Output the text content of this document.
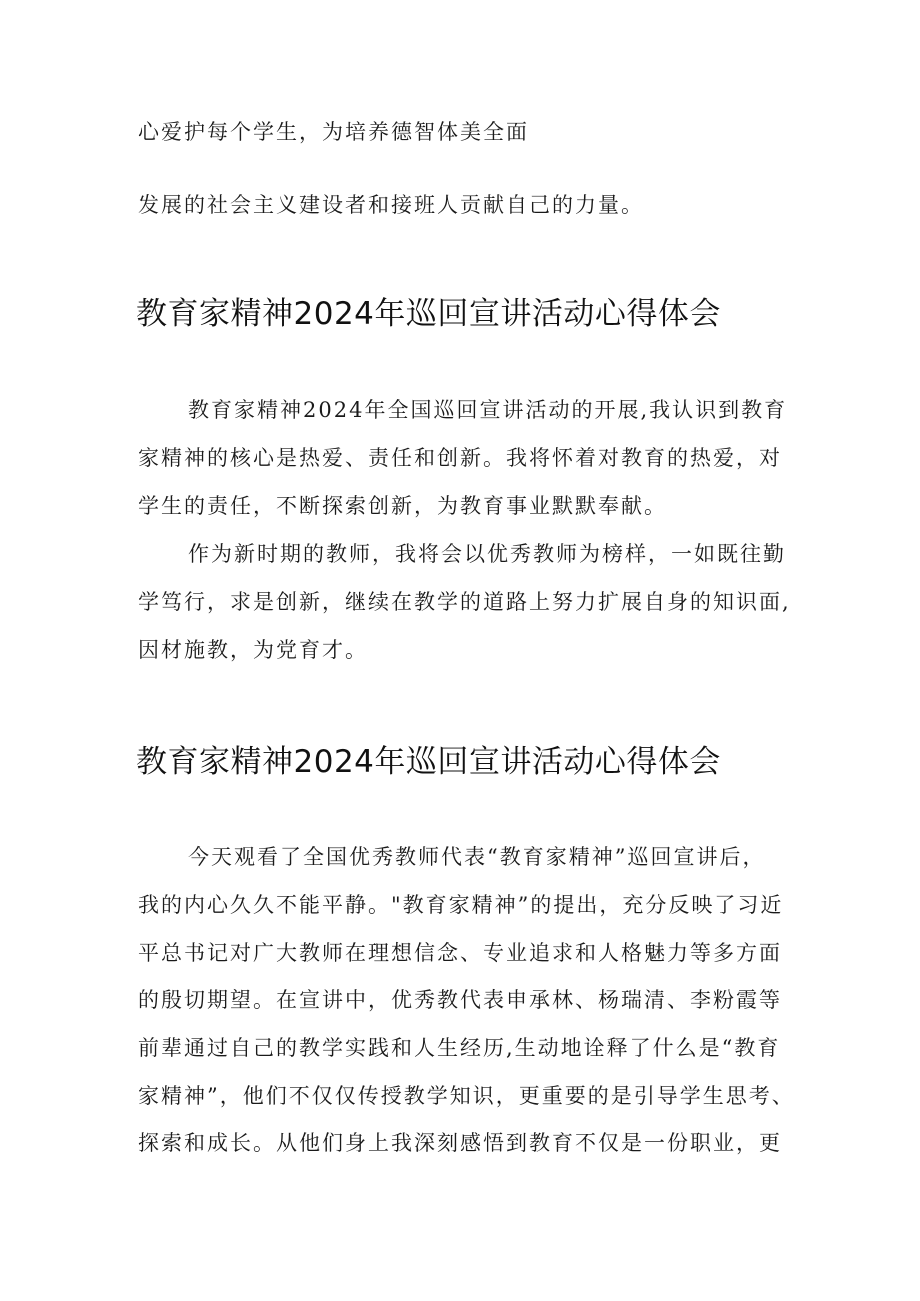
心爱护每个学生，为培养德智体美全面
发展的社会主义建设者和接班人贡献自己的力量。
教育家精神2024年巡回宣讲活动心得体会
教育家精神2024年全国巡回宣讲活动的开展,我认识到教育
家精神的核心是热爱、责任和创新。我将怀着对教育的热爱，对
学生的责任，不断探索创新，为教育事业默默奉献。
作为新时期的教师，我将会以优秀教师为榜样，一如既往勤
学笃行，求是创新，继续在教学的道路上努力扩展自身的知识面,
因材施教，为党育才。
教育家精神2024年巡回宣讲活动心得体会
今天观看了全国优秀教师代表“教育家精神”巡回宣讲后，
我的内心久久不能平静。"教育家精神”的提出，充分反映了习近
平总书记对广大教师在理想信念、专业追求和人格魅力等多方面
的殷切期望。在宣讲中，优秀教代表申承林、杨瑞清、李粉霞等
前辈通过自己的教学实践和人生经历,生动地诠释了什么是“教育
家精神”，他们不仅仅传授教学知识，更重要的是引导学生思考、
探索和成长。从他们身上我深刻感悟到教育不仅是一份职业，更
